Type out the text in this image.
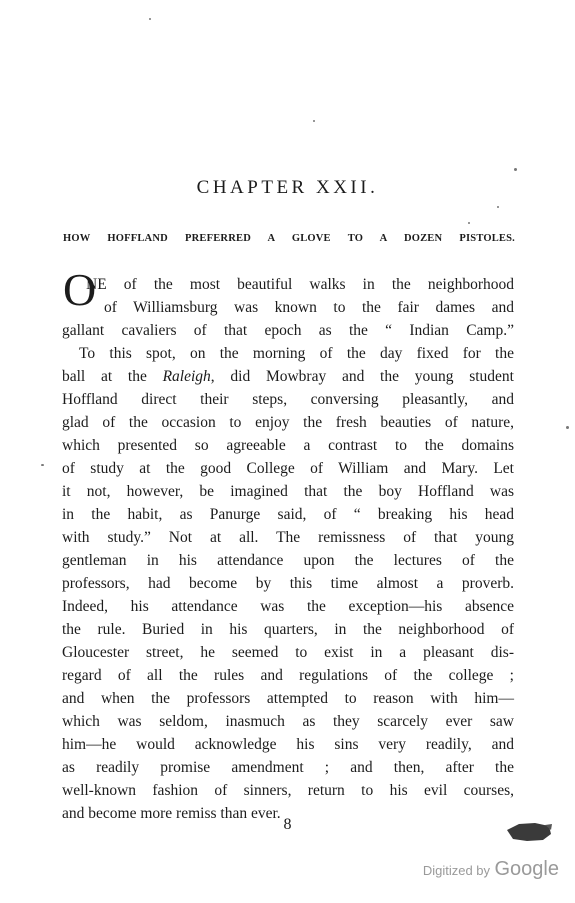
CHAPTER XXII.
HOW HOFFLAND PREFERRED A GLOVE TO A DOZEN PISTOLES.
O
NE of the most beautiful walks in the neighborhood
of Williamsburg was known to the fair dames and
gallant cavaliers of that epoch as the “ Indian Camp.”
To this spot, on the morning of the day fixed for the
ball at the Raleigh, did Mowbray and the young student
Hoffland direct their steps, conversing pleasantly, and
glad of the occasion to enjoy the fresh beauties of nature,
which presented so agreeable a contrast to the domains
of study at the good College of William and Mary. Let
it not, however, be imagined that the boy Hoffland was
in the habit, as Panurge said, of “ breaking his head
with study.” Not at all. The remissness of that young
gentleman in his attendance upon the lectures of the
professors, had become by this time almost a proverb.
Indeed, his attendance was the exception—his absence
the rule. Buried in his quarters, in the neighborhood of
Gloucester street, he seemed to exist in a pleasant dis-
regard of all the rules and regulations of the college ;
and when the professors attempted to reason with him—
which was seldom, inasmuch as they scarcely ever saw
him—he would acknowledge his sins very readily, and
as readily promise amendment ; and then, after the
well-known fashion of sinners, return to his evil courses,
and become more remiss than ever.
8
Digitized by Google
